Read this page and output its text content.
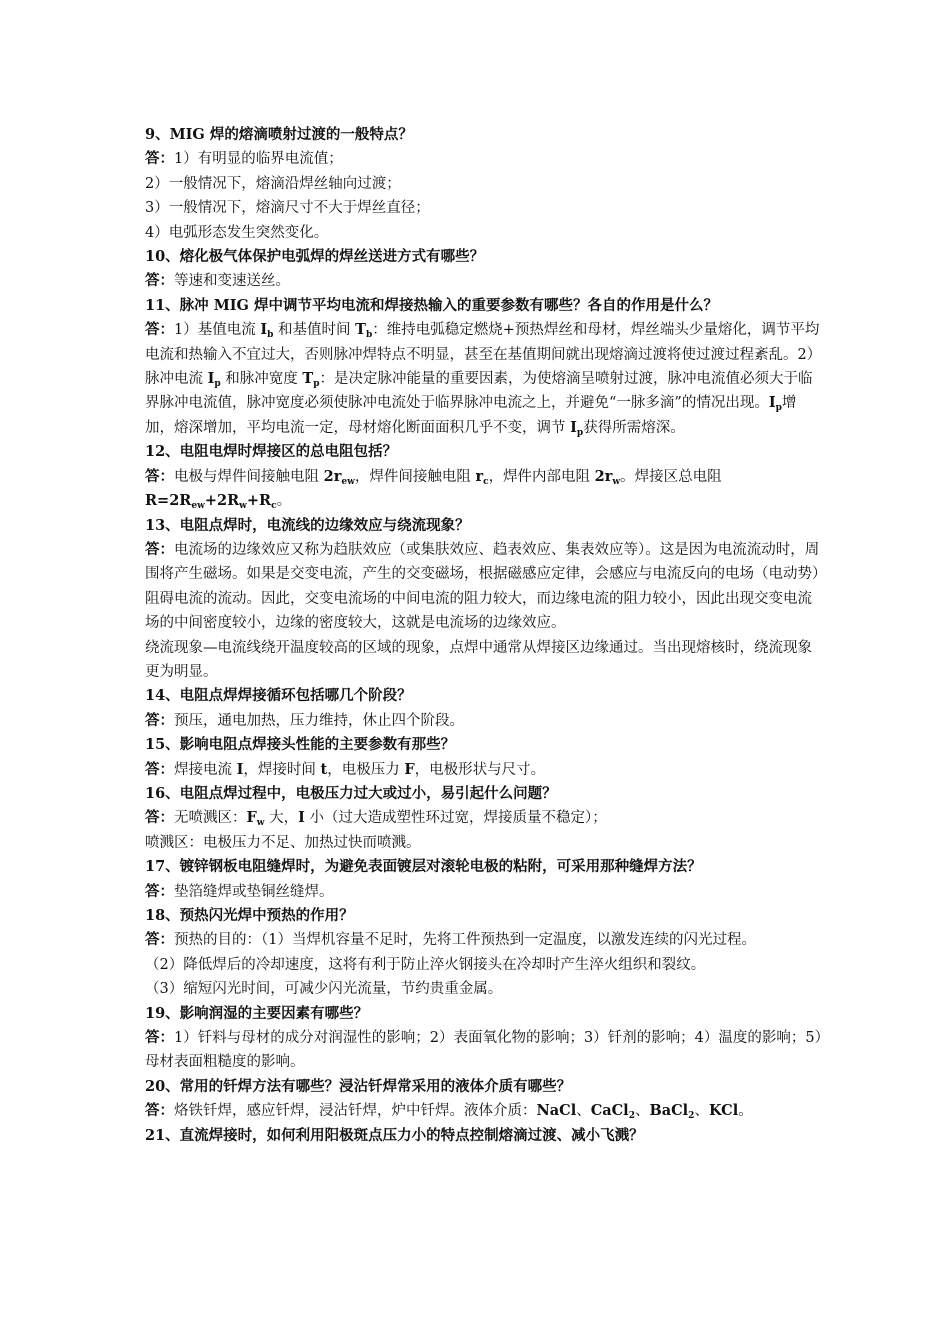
9、MIG 焊的熔滴喷射过渡的一般特点？

答：1）有明显的临界电流值；

2）一般情况下，熔滴沿焊丝轴向过渡；

3）一般情况下，熔滴尺寸不大于焊丝直径；

4）电弧形态发生突然变化。

10、熔化极气体保护电弧焊的焊丝送进方式有哪些？

答：等速和变速送丝。

11、脉冲 MIG 焊中调节平均电流和焊接热输入的重要参数有哪些？各自的作用是什么？

答：1）基值电流 $I_b$ 和基值时间 $T_b$：维持电弧稳定燃烧+预热焊丝和母材，焊丝端头少量熔化，调节平均电流和热输入不宜过大，否则脉冲焊特点不明显，甚至在基值期间就出现熔滴过渡将使过渡过程紊乱。2）脉冲电流 $I_p$ 和脉冲宽度 $T_p$：是决定脉冲能量的重要因素，为使熔滴呈喷射过渡，脉冲电流值必须大于临界脉冲电流值，脉冲宽度必须使脉冲电流处于临界脉冲电流之上，并避免“一脉多滴”的情况出现。$I_p$增加，熔深增加，平均电流一定，母材熔化断面面积几乎不变，调节 $I_p$获得所需熔深。

12、电阻电焊时焊接区的总电阻包括？

答：电极与焊件间接触电阻 $2r_{ew}$，焊件间接触电阻 $r_c$，焊件内部电阻 $2r_w$。焊接区总电阻
$R=2R_{ew}+2R_w+R_c$。

13、电阻点焊时，电流线的边缘效应与绕流现象？

答：电流场的边缘效应又称为趋肤效应（或集肤效应、趋表效应、集表效应等）。这是因为电流流动时，周围将产生磁场。如果是交变电流，产生的交变磁场，根据磁感应定律，会感应与电流反向的电场（电动势）阻碍电流的流动。因此，交变电流场的中间电流的阻力较大，而边缘电流的阻力较小，因此出现交变电流场的中间密度较小，边缘的密度较大，这就是电流场的边缘效应。

绕流现象—电流线绕开温度较高的区域的现象，点焊中通常从焊接区边缘通过。当出现熔核时，绕流现象更为明显。

14、电阻点焊焊接循环包括哪几个阶段？

答：预压，通电加热，压力维持，休止四个阶段。

15、影响电阻点焊接头性能的主要参数有那些？

答：焊接电流 I，焊接时间 t，电极压力 F，电极形状与尺寸。

16、电阻点焊过程中，电极压力过大或过小，易引起什么问题？

答：无喷溅区：$F_w$ 大，I 小（过大造成塑性环过宽，焊接质量不稳定）；

喷溅区：电极压力不足、加热过快而喷溅。

17、镀锌钢板电阻缝焊时，为避免表面镀层对滚轮电极的粘附，可采用那种缝焊方法？

答：垫箔缝焊或垫铜丝缝焊。

18、预热闪光焊中预热的作用？

答：预热的目的：（1）当焊机容量不足时，先将工件预热到一定温度，以激发连续的闪光过程。

（2）降低焊后的冷却速度，这将有利于防止淬火钢接头在冷却时产生淬火组织和裂纹。

（3）缩短闪光时间，可减少闪光流量，节约贵重金属。

19、影响润湿的主要因素有哪些？

答：1）钎料与母材的成分对润湿性的影响；2）表面氧化物的影响；3）钎剂的影响；4）温度的影响；5）母材表面粗糙度的影响。

20、常用的钎焊方法有哪些？浸沾钎焊常采用的液体介质有哪些？

答：烙铁钎焊，感应钎焊，浸沾钎焊，炉中钎焊。液体介质：NaCl、CaCl$_2$、BaCl$_2$、KCl。

21、直流焊接时，如何利用阳极斑点压力小的特点控制熔滴过渡、减小飞溅？
